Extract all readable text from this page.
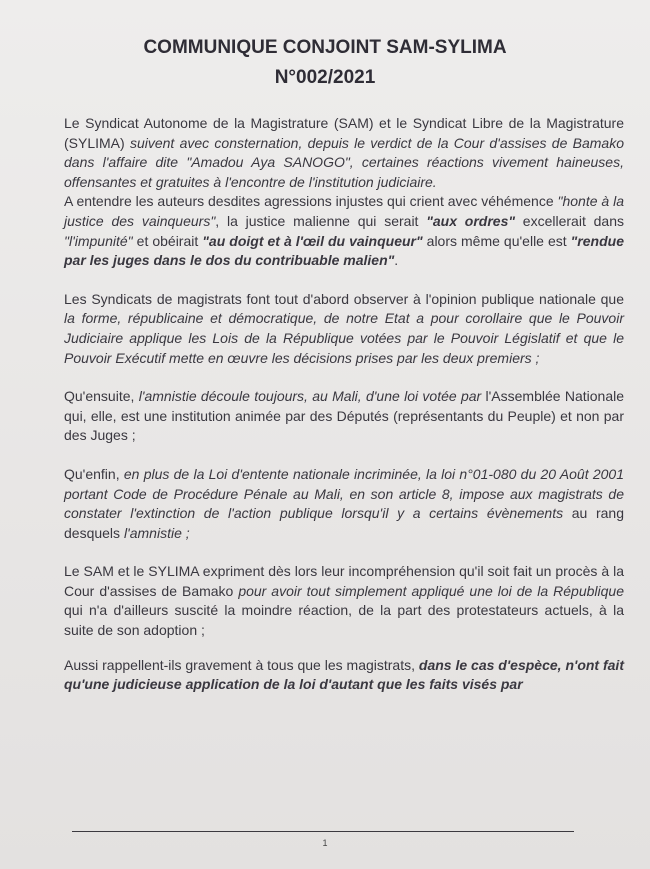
COMMUNIQUE CONJOINT SAM-SYLIMA
N°002/2021

Le Syndicat Autonome de la Magistrature (SAM) et le Syndicat Libre de la Magistrature (SYLIMA) suivent avec consternation, depuis le verdict de la Cour d'assises de Bamako dans l'affaire dite "Amadou Aya SANOGO", certaines réactions vivement haineuses, offensantes et gratuites à l'encontre de l'institution judiciaire.

A entendre les auteurs desdites agressions injustes qui crient avec véhémence "honte à la justice des vainqueurs", la justice malienne qui serait "aux ordres" excellerait dans "l'impunité" et obéirait "au doigt et à l'œil du vainqueur" alors même qu'elle est "rendue par les juges dans le dos du contribuable malien".

Les Syndicats de magistrats font tout d'abord observer à l'opinion publique nationale que la forme, républicaine et démocratique, de notre Etat a pour corollaire que le Pouvoir Judiciaire applique les Lois de la République votées par le Pouvoir Législatif et que le Pouvoir Exécutif mette en œuvre les décisions prises par les deux premiers ;

Qu'ensuite, l'amnistie découle toujours, au Mali, d'une loi votée par l'Assemblée Nationale qui, elle, est une institution animée par des Députés (représentants du Peuple) et non par des Juges ;

Qu'enfin, en plus de la Loi d'entente nationale incriminée, la loi n°01-080 du 20 Août 2001 portant Code de Procédure Pénale au Mali, en son article 8, impose aux magistrats de constater l'extinction de l'action publique lorsqu'il y a certains évènements au rang desquels l'amnistie ;

Le SAM et le SYLIMA expriment dès lors leur incompréhension qu'il soit fait un procès à la Cour d'assises de Bamako pour avoir tout simplement appliqué une loi de la République qui n'a d'ailleurs suscité la moindre réaction, de la part des protestateurs actuels, à la suite de son adoption ;

Aussi rappellent-ils gravement à tous que les magistrats, dans le cas d'espèce, n'ont fait qu'une judicieuse application de la loi d'autant que les faits visés par

1
